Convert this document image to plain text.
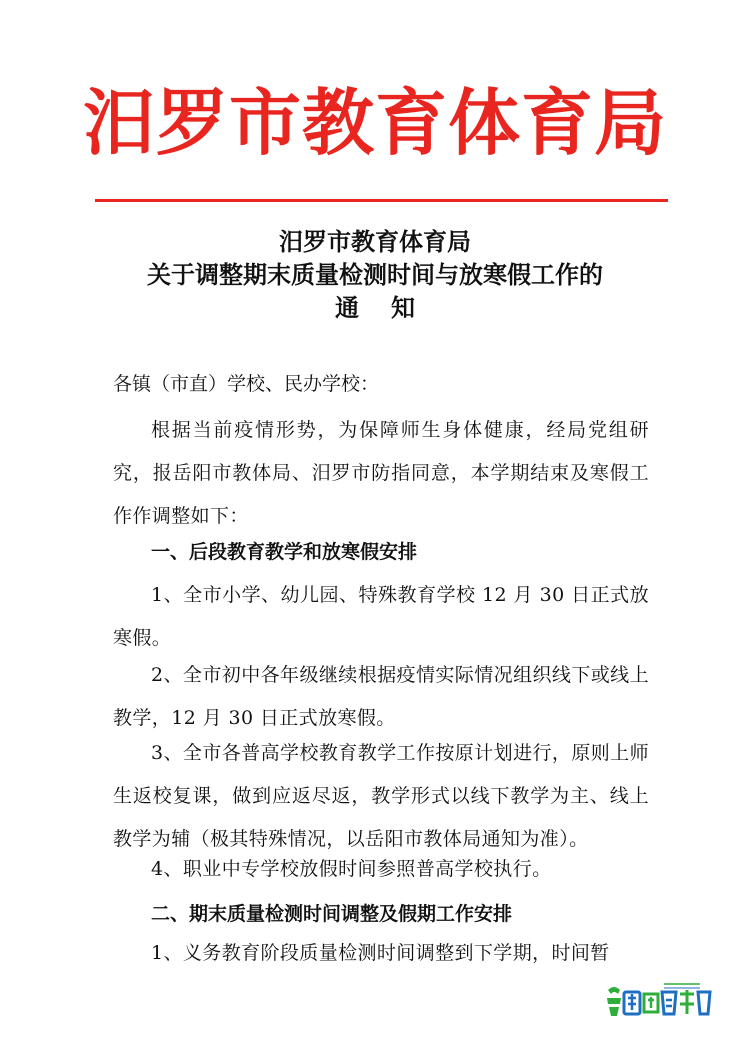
汨罗市教育体育局
汨罗市教育体育局
关于调整期末质量检测时间与放寒假工作的
通 知
各镇（市直）学校、民办学校：
根据当前疫情形势，为保障师生身体健康，经局党组研究，报岳阳市教体局、汨罗市防指同意，本学期结束及寒假工作作调整如下：
一、后段教育教学和放寒假安排
1、全市小学、幼儿园、特殊教育学校 12 月 30 日正式放寒假。
2、全市初中各年级继续根据疫情实际情况组织线下或线上教学，12 月 30 日正式放寒假。
3、全市各普高学校教育教学工作按原计划进行，原则上师生返校复课，做到应返尽返，教学形式以线下教学为主、线上教学为辅（极其特殊情况，以岳阳市教体局通知为准）。
4、职业中专学校放假时间参照普高学校执行。
二、期末质量检测时间调整及假期工作安排
1、义务教育阶段质量检测时间调整到下学期，时间暂
